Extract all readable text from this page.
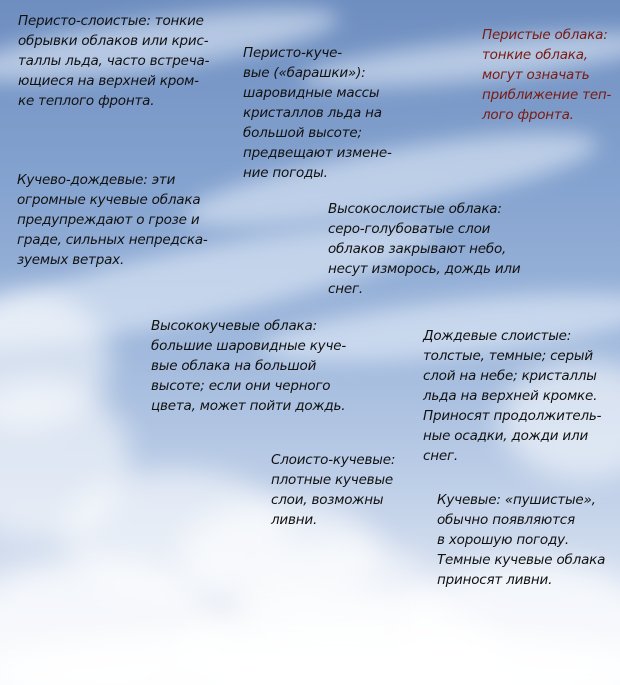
Перисто-слоистые: тонкие
обрывки облаков или крис-
таллы льда, часто встреча-
ющиеся на верхней кром-
ке теплого фронта.

Перисто-куче-
вые («барашки»):
шаровидные массы
кристаллов льда на
большой высоте;
предвещают измене-
ние погоды.

Перистые облака:
тонкие облака,
могут означать
приближение теп-
лого фронта.

Кучево-дождевые: эти
огромные кучевые облака
предупреждают о грозе и
граде, сильных непредска-
зуемых ветрах.

Высокослоистые облака:
серо-голубоватые слои
облаков закрывают небо,
несут изморось, дождь или
снег.

Высококучевые облака:
большие шаровидные куче-
вые облака на большой
высоте; если они черного
цвета, может пойти дождь.

Дождевые слоистые:
толстые, темные; серый
слой на небе; кристаллы
льда на верхней кромке.
Приносят продолжитель-
ные осадки, дожди или
снег.

Слоисто-кучевые:
плотные кучевые
слои, возможны
ливни.

Кучевые: «пушистые»,
обычно появляются
в хорошую погоду.
Темные кучевые облака
приносят ливни.
